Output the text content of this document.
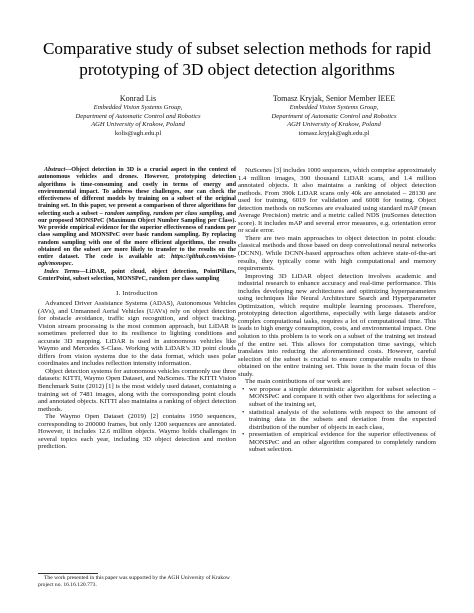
Comparative study of subset selection methods for rapid prototyping of 3D object detection algorithms
Konrad Lis
Embedded Vision Systems Group,
Department of Automatic Control and Robotics
AGH University of Krakow, Poland
kolis@agh.edu.pl
Tomasz Kryjak, Senior Member IEEE
Embedded Vision Systems Group,
Department of Automatic Control and Robotics
AGH University of Krakow, Poland
tomasz.kryjak@agh.edu.pl

Abstract—Object detection in 3D is a crucial aspect in the context of autonomous vehicles and drones. However, prototyping detection algorithms is time-consuming and costly in terms of energy and environmental impact. To address these challenges, one can check the effectiveness of different models by training on a subset of the original training set. In this paper, we present a comparison of three algorithms for selecting such a subset – random sampling, random per class sampling, and our proposed MONSPeC (Maximum Object Number Sampling per Class). We provide empirical evidence for the superior effectiveness of random per class sampling and MONSPeC over basic random sampling. By replacing random sampling with one of the more efficient algorithms, the results obtained on the subset are more likely to transfer to the results on the entire dataset. The code is available at: https://github.com/vision-agh/monspec.

Index Terms—LiDAR, point cloud, object detection, PointPillars, CenterPoint, subset selection, MONSPeC, random per class sampling

I. Introduction

Advanced Driver Assistance Systems (ADAS), Autonomous Vehicles (AVs), and Unmanned Aerial Vehicles (UAVs) rely on object detection for obstacle avoidance, traffic sign recognition, and object tracking. Vision stream processing is the most common approach, but LiDAR is sometimes preferred due to its resilience to lighting conditions and accurate 3D mapping. LiDAR is used in autonomous vehicles like Waymo and Mercedes S-Class. Working with LiDAR’s 3D point clouds differs from vision systems due to the data format, which uses polar coordinates and includes reflection intensity information.

Object detection systems for autonomous vehicles commonly use three datasets: KITTI, Waymo Open Dataset, and NuScenes. The KITTI Vision Benchmark Suite (2012) [1] is the most widely used dataset, containing a training set of 7481 images, along with the corresponding point clouds and annotated objects. KITTI also maintains a ranking of object detection methods.

The Waymo Open Dataset (2019) [2] contains 1950 sequences, corresponding to 200000 frames, but only 1200 sequences are annotated. However, it includes 12.6 million objects. Waymo holds challenges in several topics each year, including 3D object detection and motion prediction.

NuScenes [3] includes 1000 sequences, which comprise approximately 1.4 million images, 390 thousand LiDAR scans, and 1.4 million annotated objects. It also maintains a ranking of object detection methods. From 390k LiDAR scans only 40k are annotated – 28130 are used for training, 6019 for validation and 6008 for testing. Object detection methods on nuScenes are evaluated using standard mAP (mean Average Precision) metric and a metric called NDS (nuScenes detection score). It includes mAP and several error measures, e.g. orientation error or scale error.

There are two main approaches to object detection in point clouds: classical methods and those based on deep convolutional neural networks (DCNN). While DCNN-based approaches often achieve state-of-the-art results, they typically come with high computational and memory requirements.

Improving 3D LiDAR object detection involves academic and industrial research to enhance accuracy and real-time performance. This includes developing new architectures and optimizing hyperparameters using techniques like Neural Architecture Search and Hyperparameter Optimization, which require multiple learning processes. Therefore, prototyping detection algorithms, especially with large datasets and/or complex computational tasks, requires a lot of computational time. This leads to high energy consumption, costs, and environmental impact. One solution to this problem is to work on a subset of the training set instead of the entire set. This allows for computation time savings, which translates into reducing the aforementioned costs. However, careful selection of the subset is crucial to ensure comparable results to those obtained on the entire training set. This issue is the main focus of this study.

The main contributions of our work are:

• we propose a simple deterministic algorithm for subset selection – MONSPeC and compare it with other two algorithms for selecting a subset of the training set,
• statistical analysis of the solutions with respect to the amount of training data in the subsets and deviation from the expected distribution of the number of objects in each class,
• presentation of empirical evidence for the superior effectiveness of MONSPeC and an other algorithm compared to completely random subset selection.
The work presented in this paper was supported by the AGH University of Krakow project no. 16.16.120.773.
